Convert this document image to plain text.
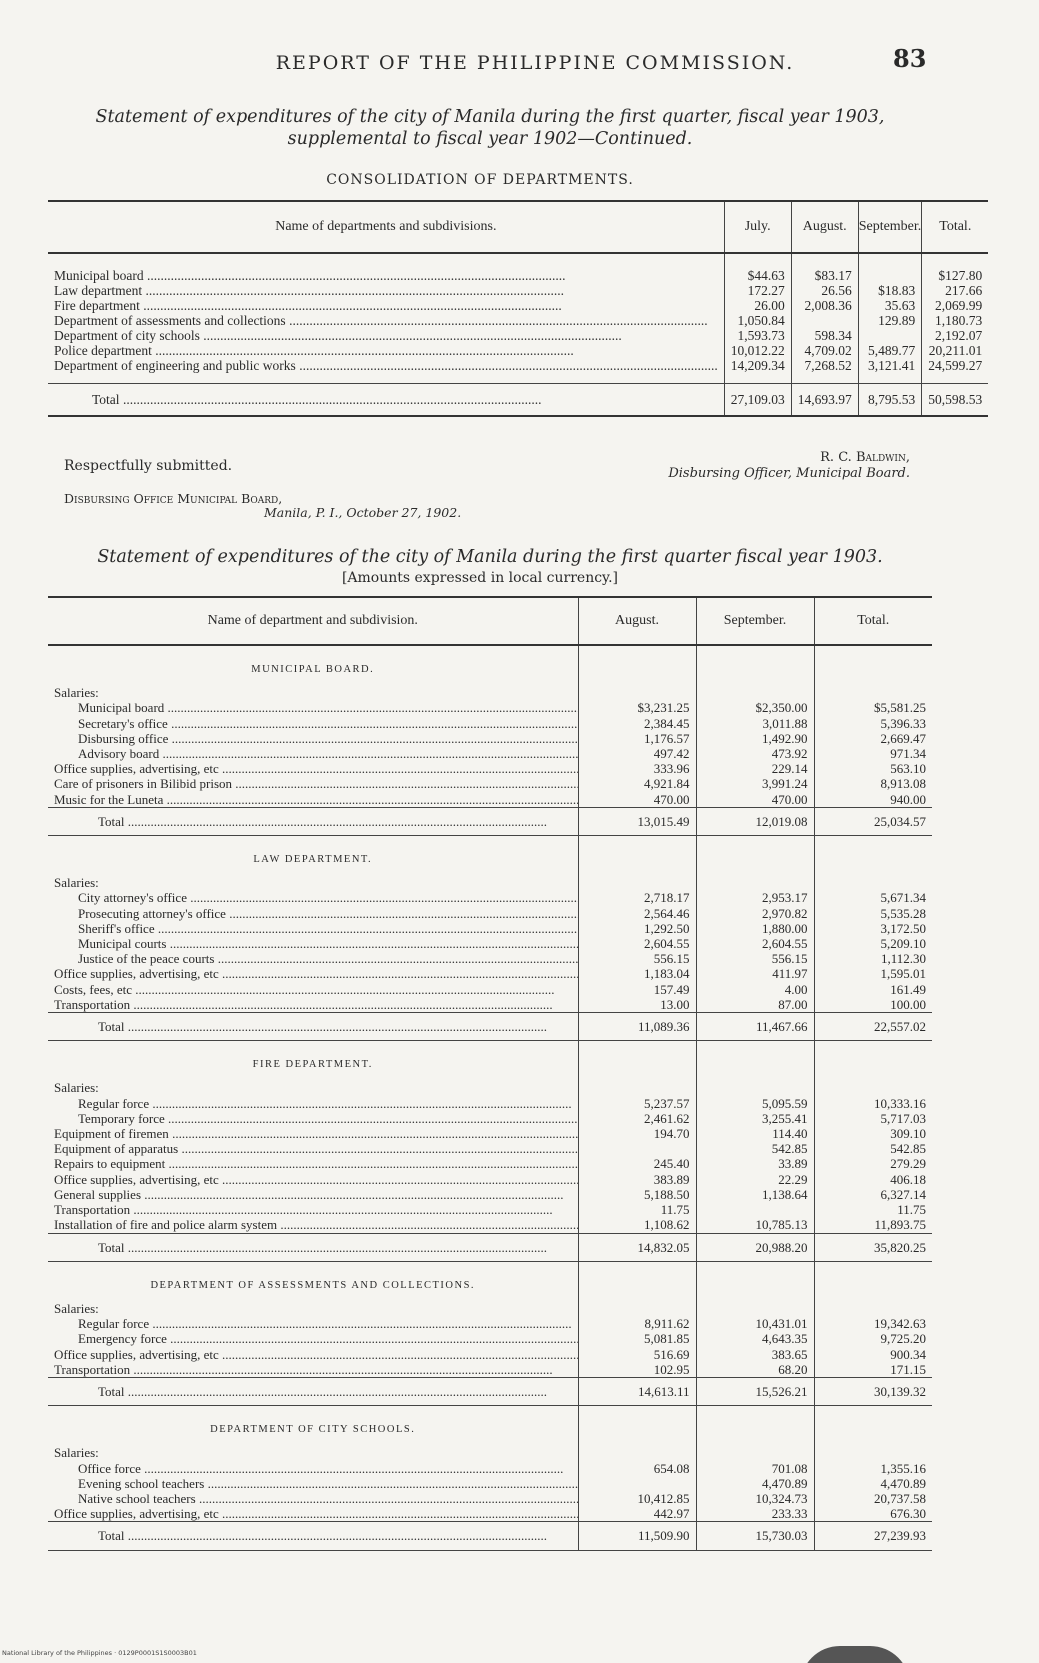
REPORT OF THE PHILIPPINE COMMISSION.	83
Statement of expenditures of the city of Manila during the first quarter, fiscal year 1903,
supplemental to fiscal year 1902—Continued.
CONSOLIDATION OF DEPARTMENTS.
Name of departments and subdivisions.	July.	August.	September.	Total.
Municipal board .....	$44.63	$83.17		$127.80
Law department .....	172.27	26.56	$18.83	217.66
Fire department .....	26.00	2,008.36	35.63	2,069.99
Department of assessments and collections .....	1,050.84		129.89	1,180.73
Department of city schools .....	1,593.73	598.34		2,192.07
Police department .....	10,012.22	4,709.02	5,489.77	20,211.01
Department of engineering and public works .....	14,209.34	7,268.52	3,121.41	24,599.27
Total .....	27,109.03	14,693.97	8,795.53	50,598.53
Respectfully submitted.
R. C. Baldwin,
Disbursing Officer, Municipal Board.
Disbursing Office Municipal Board,
Manila, P. I., October 27, 1902.
Statement of expenditures of the city of Manila during the first quarter fiscal year 1903.
[Amounts expressed in local currency.]
Name of department and subdivision.	August.	September.	Total.
MUNICIPAL BOARD.			
Salaries:			
Municipal board .....	$3,231.25	$2,350.00	$5,581.25
Secretary's office .....	2,384.45	3,011.88	5,396.33
Disbursing office .....	1,176.57	1,492.90	2,669.47
Advisory board .....	497.42	473.92	971.34
Office supplies, advertising, etc .....	333.96	229.14	563.10
Care of prisoners in Bilibid prison .....	4,921.84	3,991.24	8,913.08
Music for the Luneta .....	470.00	470.00	940.00
Total .....	13,015.49	12,019.08	25,034.57
LAW DEPARTMENT.			
Salaries:			
City attorney's office .....	2,718.17	2,953.17	5,671.34
Prosecuting attorney's office .....	2,564.46	2,970.82	5,535.28
Sheriff's office .....	1,292.50	1,880.00	3,172.50
Municipal courts .....	2,604.55	2,604.55	5,209.10
Justice of the peace courts .....	556.15	556.15	1,112.30
Office supplies, advertising, etc .....	1,183.04	411.97	1,595.01
Costs, fees, etc .....	157.49	4.00	161.49
Transportation .....	13.00	87.00	100.00
Total .....	11,089.36	11,467.66	22,557.02
FIRE DEPARTMENT.			
Salaries:			
Regular force .....	5,237.57	5,095.59	10,333.16
Temporary force .....	2,461.62	3,255.41	5,717.03
Equipment of firemen .....	194.70	114.40	309.10
Equipment of apparatus .....		542.85	542.85
Repairs to equipment .....	245.40	33.89	279.29
Office supplies, advertising, etc .....	383.89	22.29	406.18
General supplies .....	5,188.50	1,138.64	6,327.14
Transportation .....	11.75		11.75
Installation of fire and police alarm system .....	1,108.62	10,785.13	11,893.75
Total .....	14,832.05	20,988.20	35,820.25
DEPARTMENT OF ASSESSMENTS AND COLLECTIONS.			
Salaries:			
Regular force .....	8,911.62	10,431.01	19,342.63
Emergency force .....	5,081.85	4,643.35	9,725.20
Office supplies, advertising, etc .....	516.69	383.65	900.34
Transportation .....	102.95	68.20	171.15
Total .....	14,613.11	15,526.21	30,139.32
DEPARTMENT OF CITY SCHOOLS.			
Salaries:			
Office force .....	654.08	701.08	1,355.16
Evening school teachers .....		4,470.89	4,470.89
Native school teachers .....	10,412.85	10,324.73	20,737.58
Office supplies, advertising, etc .....	442.97	233.33	676.30
Total .....	11,509.90	15,730.03	27,239.93
National Library of the Philippines · 0129P0001S1S0003B01
